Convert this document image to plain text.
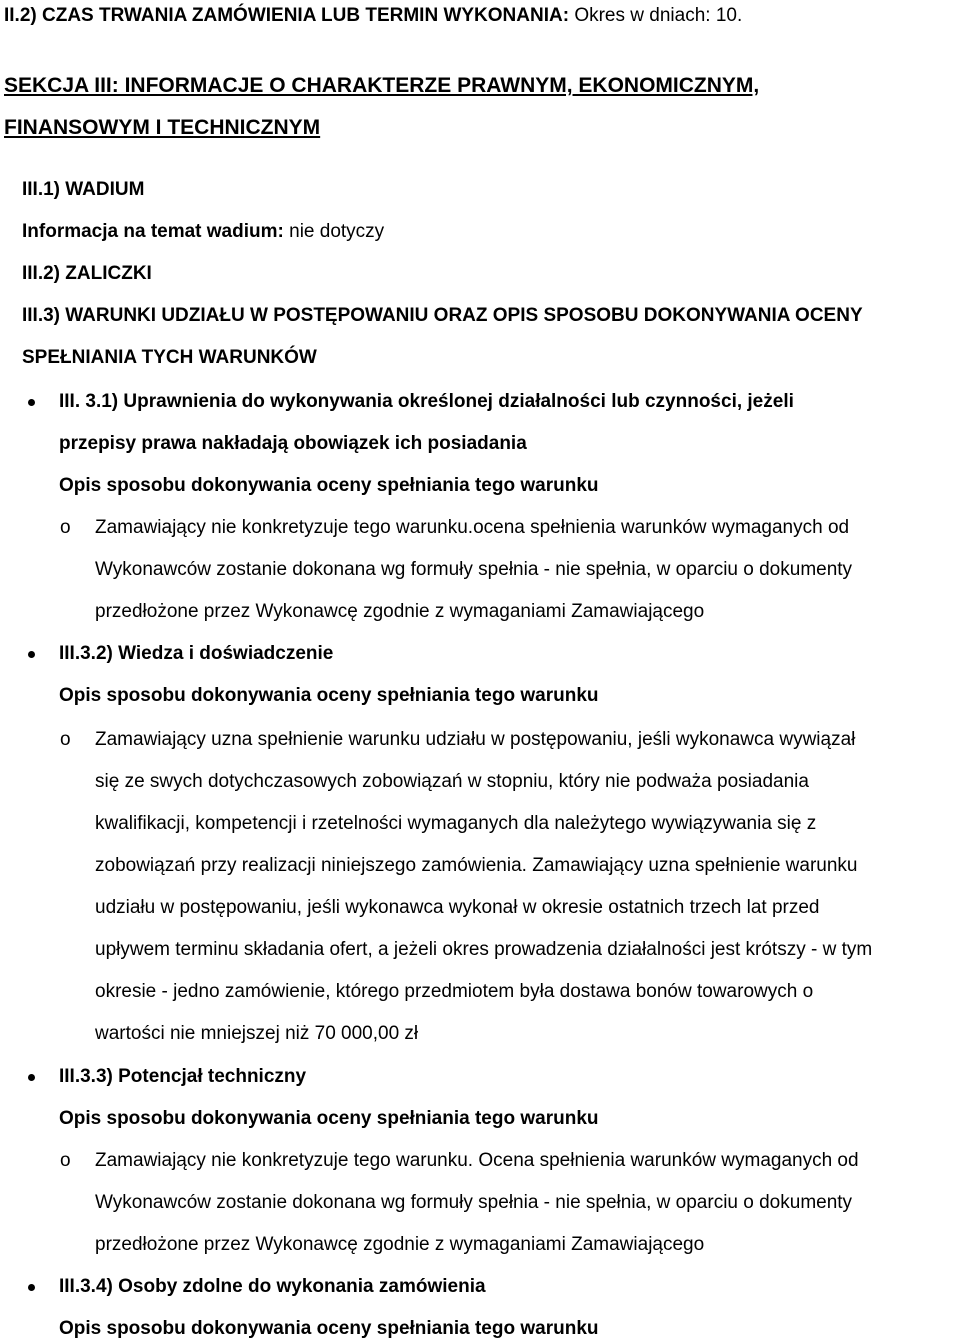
II.2) CZAS TRWANIA ZAMÓWIENIA LUB TERMIN WYKONANIA: Okres w dniach: 10.
SEKCJA III: INFORMACJE O CHARAKTERZE PRAWNYM, EKONOMICZNYM,
FINANSOWYM I TECHNICZNYM
III.1) WADIUM
Informacja na temat wadium: nie dotyczy
III.2) ZALICZKI
III.3) WARUNKI UDZIAŁU W POSTĘPOWANIU ORAZ OPIS SPOSOBU DOKONYWANIA OCENY
SPEŁNIANIA TYCH WARUNKÓW
III. 3.1) Uprawnienia do wykonywania określonej działalności lub czynności, jeżeli
przepisy prawa nakładają obowiązek ich posiadania
Opis sposobu dokonywania oceny spełniania tego warunku
o Zamawiający nie konkretyzuje tego warunku.ocena spełnienia warunków wymaganych od
Wykonawców zostanie dokonana wg formuły spełnia - nie spełnia, w oparciu o dokumenty
przedłożone przez Wykonawcę zgodnie z wymaganiami Zamawiającego
III.3.2) Wiedza i doświadczenie
Opis sposobu dokonywania oceny spełniania tego warunku
o Zamawiający uzna spełnienie warunku udziału w postępowaniu, jeśli wykonawca wywiązał
się ze swych dotychczasowych zobowiązań w stopniu, który nie podważa posiadania
kwalifikacji, kompetencji i rzetelności wymaganych dla należytego wywiązywania się z
zobowiązań przy realizacji niniejszego zamówienia. Zamawiający uzna spełnienie warunku
udziału w postępowaniu, jeśli wykonawca wykonał w okresie ostatnich trzech lat przed
upływem terminu składania ofert, a jeżeli okres prowadzenia działalności jest krótszy - w tym
okresie - jedno zamówienie, którego przedmiotem była dostawa bonów towarowych o
wartości nie mniejszej niż 70 000,00 zł
III.3.3) Potencjał techniczny
Opis sposobu dokonywania oceny spełniania tego warunku
o Zamawiający nie konkretyzuje tego warunku. Ocena spełnienia warunków wymaganych od
Wykonawców zostanie dokonana wg formuły spełnia - nie spełnia, w oparciu o dokumenty
przedłożone przez Wykonawcę zgodnie z wymaganiami Zamawiającego
III.3.4) Osoby zdolne do wykonania zamówienia
Opis sposobu dokonywania oceny spełniania tego warunku
